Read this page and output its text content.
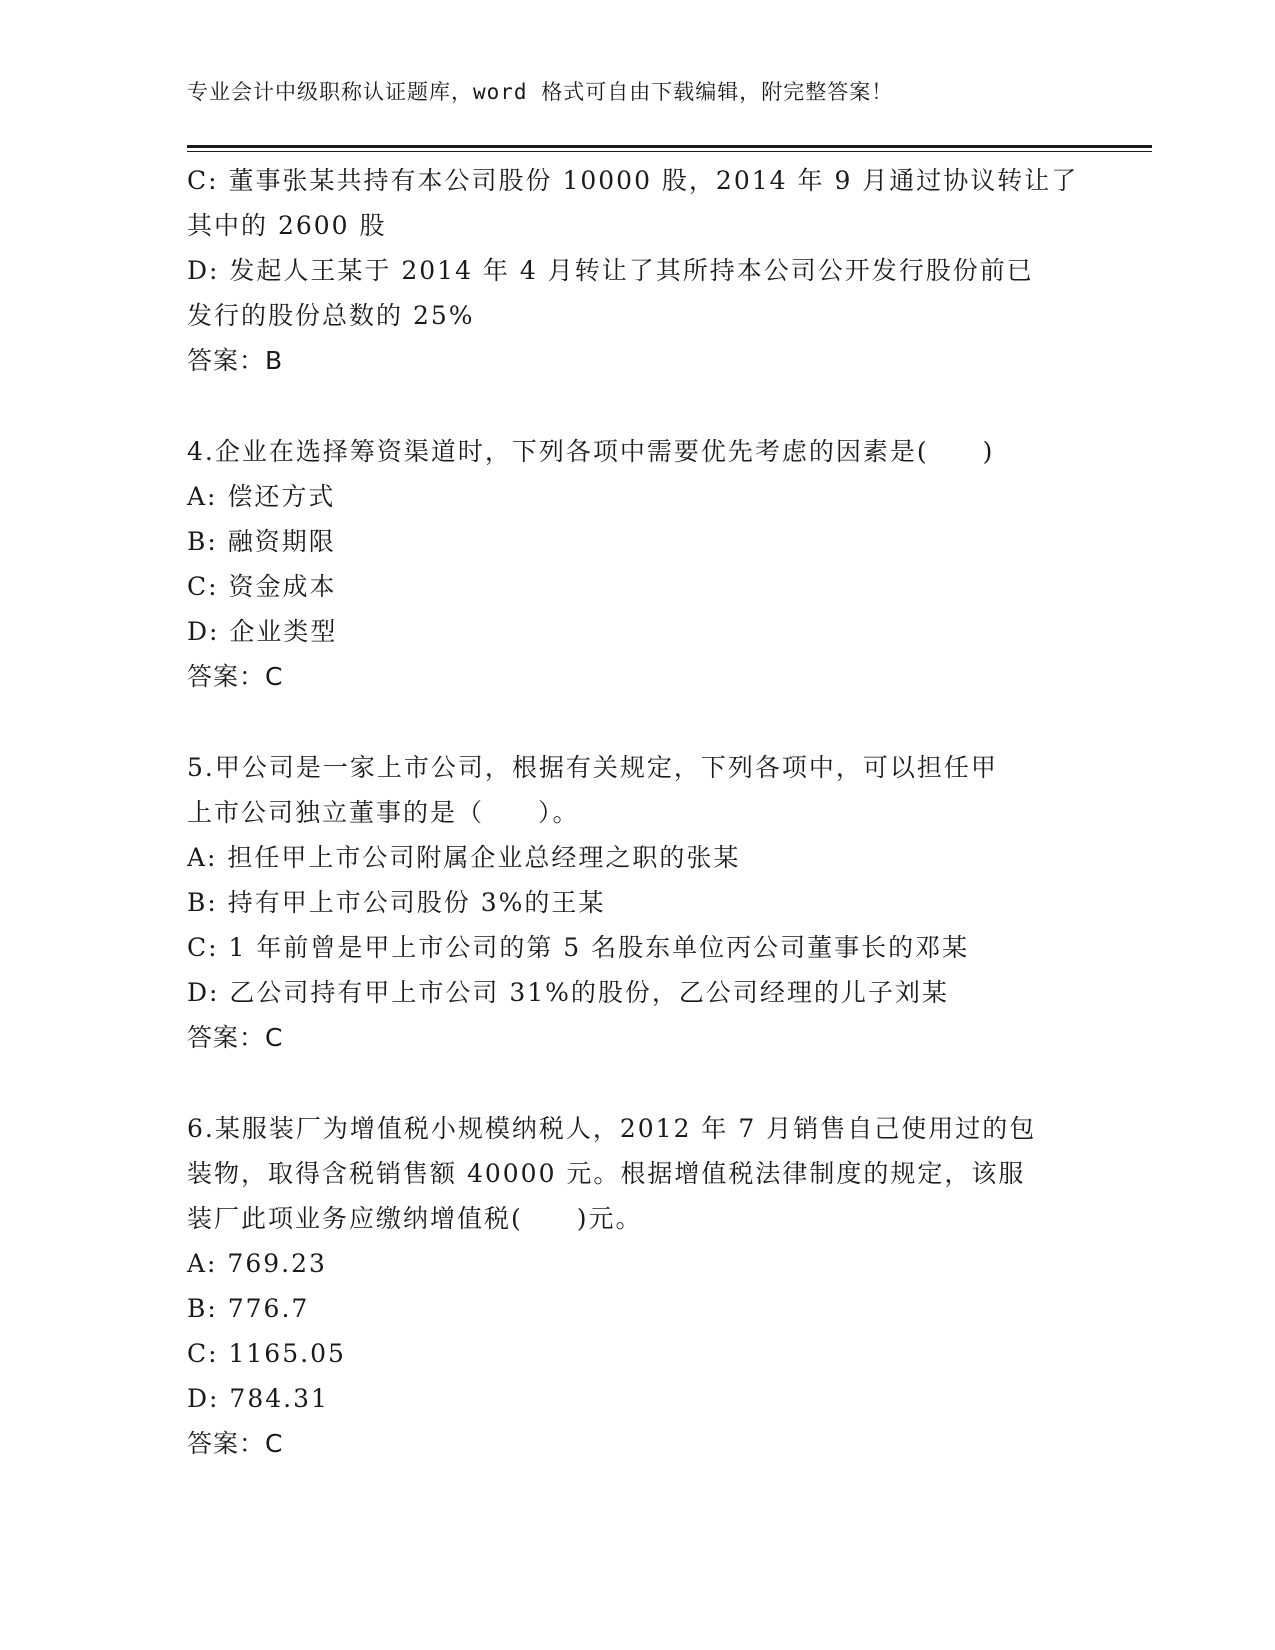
专业会计中级职称认证题库，word 格式可自由下载编辑，附完整答案！
C: 董事张某共持有本公司股份 10000 股，2014 年 9 月通过协议转让了
其中的 2600 股
D: 发起人王某于 2014 年 4 月转让了其所持本公司公开发行股份前已
发行的股份总数的 25%
答案：B
4.企业在选择筹资渠道时，下列各项中需要优先考虑的因素是(　　)
A: 偿还方式
B: 融资期限
C: 资金成本
D: 企业类型
答案：C
5.甲公司是一家上市公司，根据有关规定，下列各项中，可以担任甲
上市公司独立董事的是（　　）。
A: 担任甲上市公司附属企业总经理之职的张某
B: 持有甲上市公司股份 3%的王某
C: 1 年前曾是甲上市公司的第 5 名股东单位丙公司董事长的邓某
D: 乙公司持有甲上市公司 31%的股份，乙公司经理的儿子刘某
答案：C
6.某服装厂为增值税小规模纳税人，2012 年 7 月销售自己使用过的包
装物，取得含税销售额 40000 元。根据增值税法律制度的规定，该服
装厂此项业务应缴纳增值税(　　)元。
A: 769.23
B: 776.7
C: 1165.05
D: 784.31
答案：C
